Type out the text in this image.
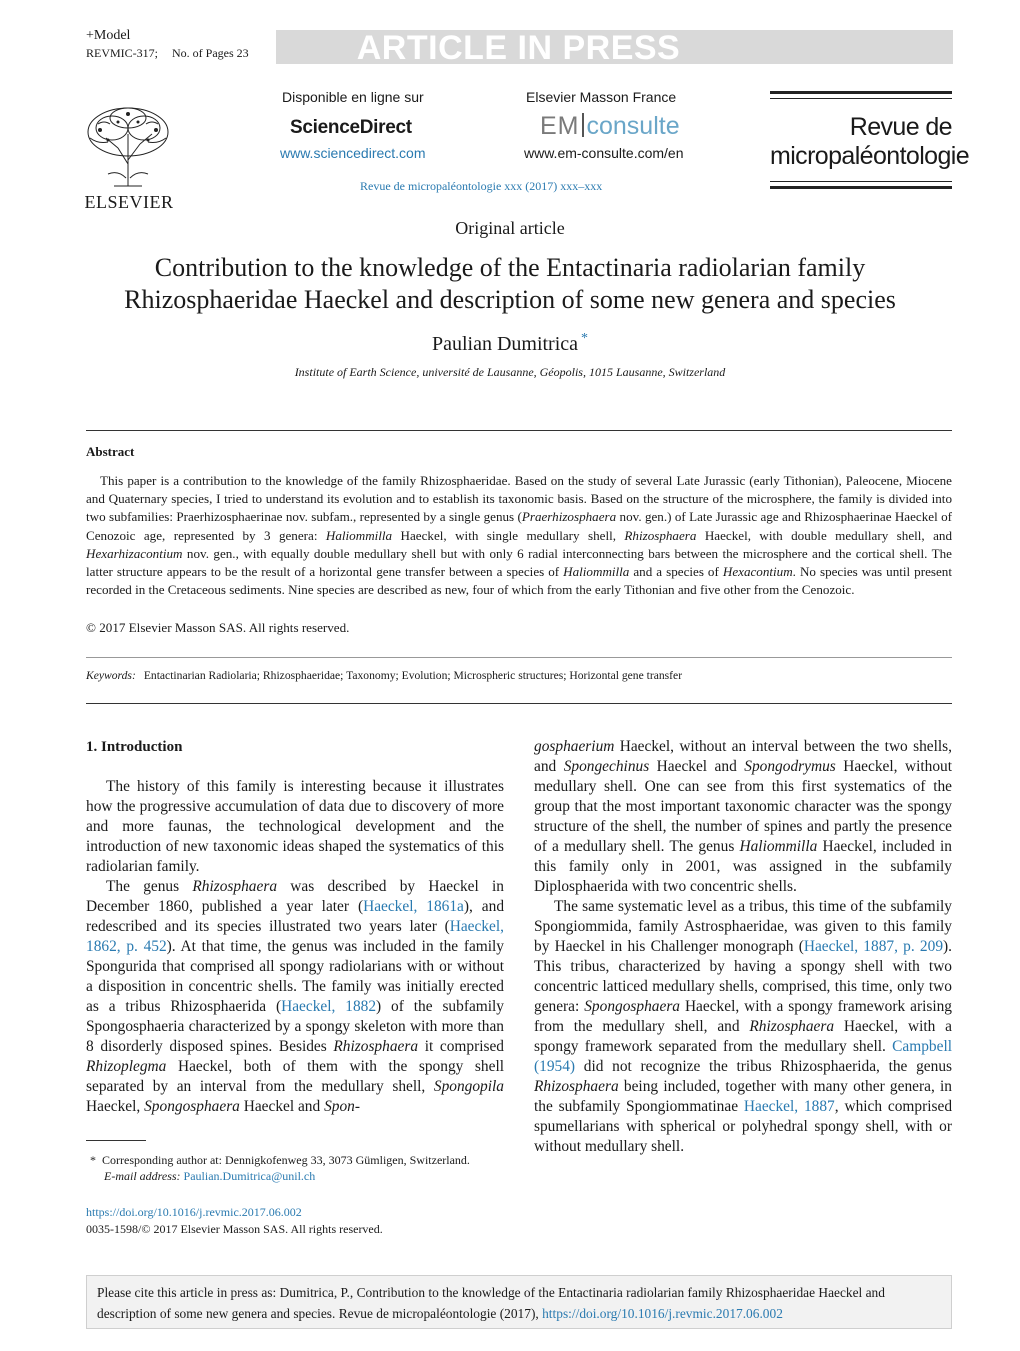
+Model
REVMIC-317; No. of Pages 23	ARTICLE IN PRESS
ELSEVIER
Disponible en ligne sur
ScienceDirect
www.sciencedirect.com
Elsevier Masson France
EM consulte
www.em-consulte.com/en
Revue de micropaléontologie xxx (2017) xxx–xxx
Revue de
micropaléontologie
Original article
Contribution to the knowledge of the Entactinaria radiolarian family
Rhizosphaeridae Haeckel and description of some new genera and species
Paulian Dumitrica *
Institute of Earth Science, université de Lausanne, Géopolis, 1015 Lausanne, Switzerland
Abstract

This paper is a contribution to the knowledge of the family Rhizosphaeridae. Based on the study of several Late Jurassic (early Tithonian), Paleocene, Miocene and Quaternary species, I tried to understand its evolution and to establish its taxonomic basis. Based on the structure of the microsphere, the family is divided into two subfamilies: Praerhizosphaerinae nov. subfam., represented by a single genus (Praerhizosphaera nov. gen.) of Late Jurassic age and Rhizosphaerinae Haeckel of Cenozoic age, represented by 3 genera: Haliommilla Haeckel, with single medullary shell, Rhizosphaera Haeckel, with double medullary shell, and Hexarhizacontium nov. gen., with equally double medullary shell but with only 6 radial interconnecting bars between the microsphere and the cortical shell. The latter structure appears to be the result of a horizontal gene transfer between a species of Haliommilla and a species of Hexacontium. No species was until present recorded in the Cretaceous sediments. Nine species are described as new, four of which from the early Tithonian and five other from the Cenozoic.

© 2017 Elsevier Masson SAS. All rights reserved.
Keywords: Entactinarian Radiolaria; Rhizosphaeridae; Taxonomy; Evolution; Microspheric structures; Horizontal gene transfer
1. Introduction

The history of this family is interesting because it illustrates how the progressive accumulation of data due to discovery of more and more faunas, the technological development and the introduction of new taxonomic ideas shaped the systematics of this radiolarian family.

The genus Rhizosphaera was described by Haeckel in December 1860, published a year later (Haeckel, 1861a), and redescribed and its species illustrated two years later (Haeckel, 1862, p. 452). At that time, the genus was included in the family Spongurida that comprised all spongy radiolarians with or without a disposition in concentric shells. The family was initially erected as a tribus Rhizosphaerida (Haeckel, 1882) of the subfamily Spongosphaeria characterized by a spongy skeleton with more than 8 disorderly disposed spines. Besides Rhizosphaera it comprised Rhizoplegma Haeckel, both of them with the spongy shell separated by an interval from the medullary shell, Spongopila Haeckel, Spongosphaera Haeckel and Spon-

gosphaerium Haeckel, without an interval between the two shells, and Spongechinus Haeckel and Spongodrymus Haeckel, without medullary shell. One can see from this first systematics of the group that the most important taxonomic character was the spongy structure of the shell, the number of spines and partly the presence of a medullary shell. The genus Haliommilla Haeckel, included in this family only in 2001, was assigned in the subfamily Diplosphaerida with two concentric shells.

The same systematic level as a tribus, this time of the subfamily Spongiommida, family Astrosphaeridae, was given to this family by Haeckel in his Challenger monograph (Haeckel, 1887, p. 209). This tribus, characterized by having a spongy shell with two concentric latticed medullary shells, comprised, this time, only two genera: Spongosphaera Haeckel, with a spongy framework arising from the medullary shell, and Rhizosphaera Haeckel, with a spongy framework separated from the medullary shell. Campbell (1954) did not recognize the tribus Rhizosphaerida, the genus Rhizosphaera being included, together with many other genera, in the subfamily Spongiommatinae Haeckel, 1887, which comprised spumellarians with spherical or polyhedral spongy shell, with or without medullary shell.

* Corresponding author at: Dennigkofenweg 33, 3073 Gümligen, Switzerland.
E-mail address: Paulian.Dumitrica@unil.ch
https://doi.org/10.1016/j.revmic.2017.06.002
0035-1598/© 2017 Elsevier Masson SAS. All rights reserved.
Please cite this article in press as: Dumitrica, P., Contribution to the knowledge of the Entactinaria radiolarian family Rhizosphaeridae Haeckel and description of some new genera and species. Revue de micropaléontologie (2017), https://doi.org/10.1016/j.revmic.2017.06.002
